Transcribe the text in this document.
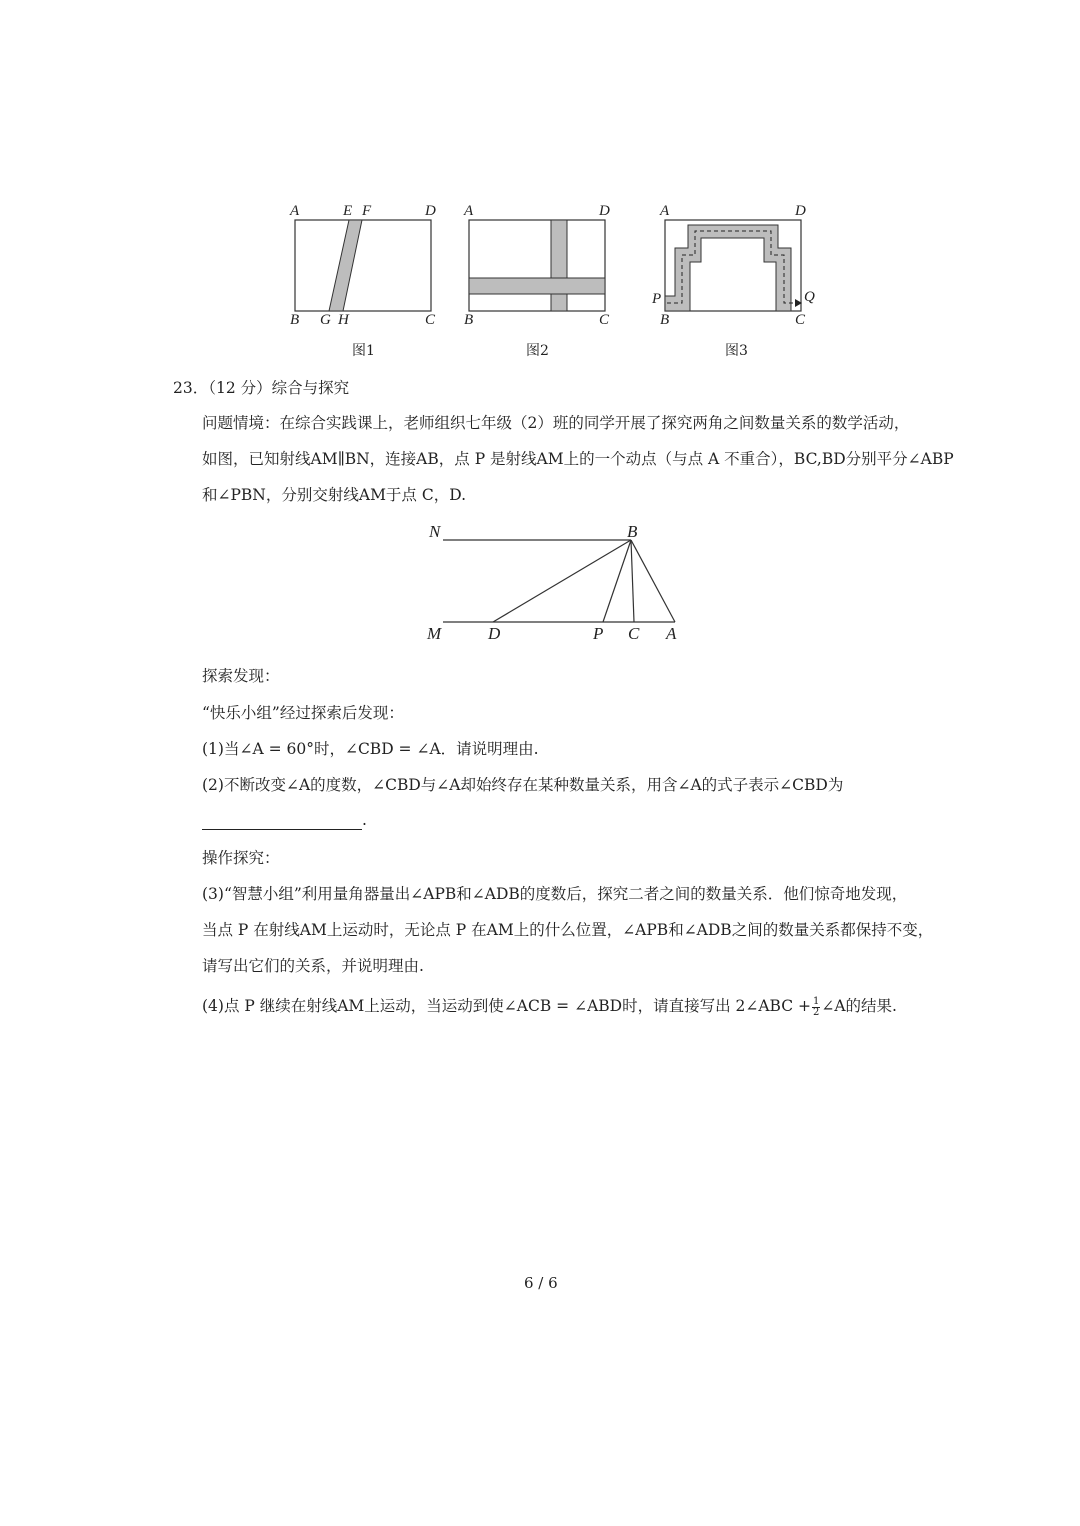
A	E F	D
B G H	C
图1
A	D
B	C
图2
A	D
P	Q
B	C
图3
23．（12 分）综合与探究
问题情境：在综合实践课上，老师组织七年级（2）班的同学开展了探究两角之间数量关系的数学活动，
如图，已知射线AM∥BN，连接AB，点 P 是射线AM上的一个动点（与点 A 不重合），BC,BD分别平分∠ABP
和∠PBN，分别交射线AM于点 C，D.
N	B
M	D	P C A
探索发现：
“快乐小组”经过探索后发现：
(1)当∠A = 60°时，∠CBD = ∠A．请说明理由.
(2)不断改变∠A的度数，∠CBD与∠A却始终存在某种数量关系，用含∠A的式子表示∠CBD为
.
操作探究：
(3)“智慧小组”利用量角器量出∠APB和∠ADB的度数后，探究二者之间的数量关系．他们惊奇地发现，
当点 P 在射线AM上运动时，无论点 P 在AM上的什么位置，∠APB和∠ADB之间的数量关系都保持不变，
请写出它们的关系，并说明理由.
(4)点 P 继续在射线AM上运动，当运动到使∠ACB = ∠ABD时，请直接写出 2∠ABC + $\frac{1}{2}$ ∠A的结果.
6 / 6
